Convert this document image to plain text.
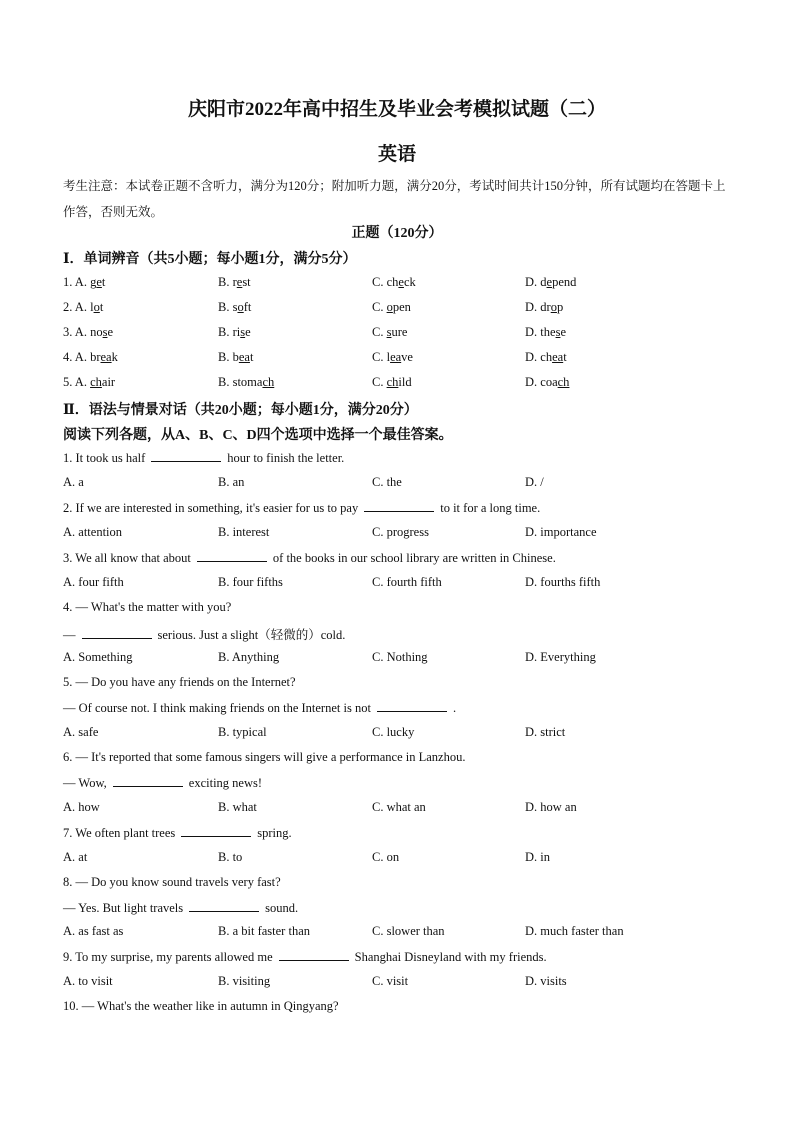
庆阳市2022年高中招生及毕业会考模拟试题（二）
英语
考生注意：本试卷正题不含听力，满分为120分；附加听力题，满分20分，考试时间共计150分钟，所有试题均在答题卡上作答，否则无效。
正题（120分）
Ⅰ．单词辨音（共5小题；每小题1分，满分5分）
1. A. get	B. rest	C. check	D. depend
2. A. lot	B. soft	C. open	D. drop
3. A. nose	B. rise	C. sure	D. these
4. A. break	B. beat	C. leave	D. cheat
5. A. chair	B. stomach	C. child	D. coach
Ⅱ．语法与情景对话（共20小题；每小题1分，满分20分）
阅读下列各题，从A、B、C、D四个选项中选择一个最佳答案。
1. It took us half	hour to finish the letter.
A. a	B. an	C. the	D. /
2. If we are interested in something, it's easier for us to pay	to it for a long time.
A. attention	B. interest	C. progress	D. importance
3. We all know that about	of the books in our school library are written in Chinese.
A. four fifth	B. four fifths	C. fourth fifth	D. fourths fifth
4. — What's the matter with you?
—	serious. Just a slight（轻微的）cold.
A. Something	B. Anything	C. Nothing	D. Everything
5. — Do you have any friends on the Internet?
— Of course not. I think making friends on the Internet is not	.
A. safe	B. typical	C. lucky	D. strict
6. — It's reported that some famous singers will give a performance in Lanzhou.
— Wow,	exciting news!
A. how	B. what	C. what an	D. how an
7. We often plant trees	spring.
A. at	B. to	C. on	D. in
8. — Do you know sound travels very fast?
— Yes. But light travels	sound.
A. as fast as	B. a bit faster than	C. slower than	D. much faster than
9. To my surprise, my parents allowed me	Shanghai Disneyland with my friends.
A. to visit	B. visiting	C. visit	D. visits
10. — What's the weather like in autumn in Qingyang?
